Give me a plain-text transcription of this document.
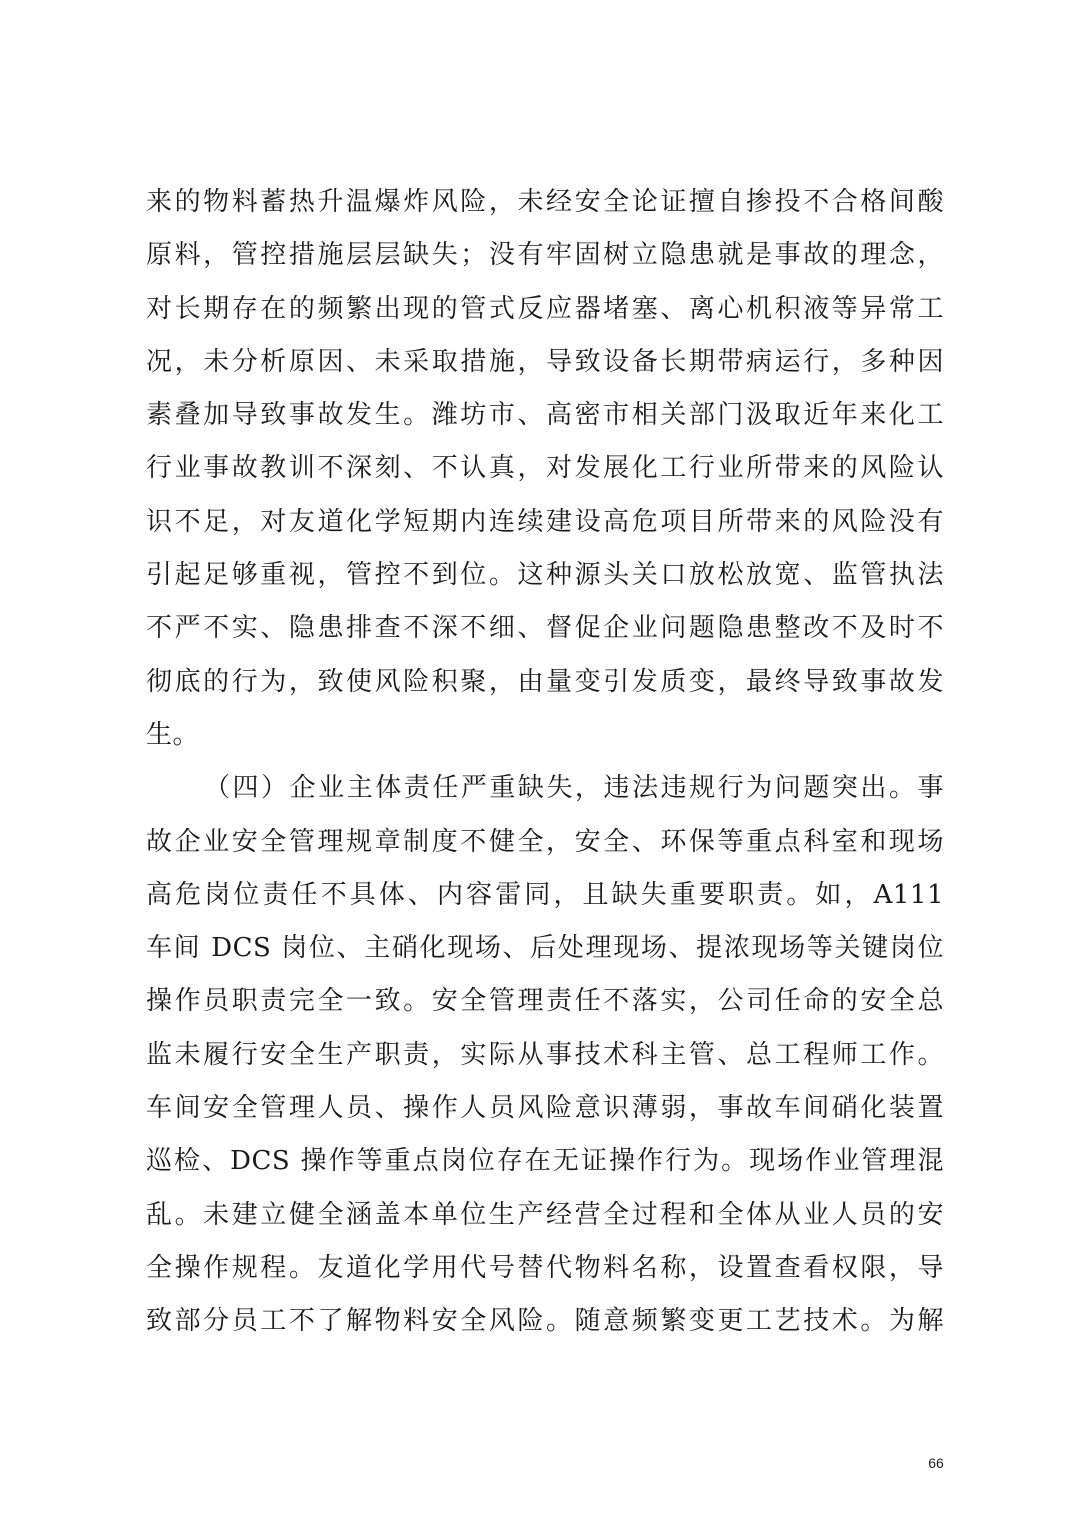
来的物料蓄热升温爆炸风险，未经安全论证擅自掺投不合格间酸
原料，管控措施层层缺失；没有牢固树立隐患就是事故的理念，
对长期存在的频繁出现的管式反应器堵塞、离心机积液等异常工
况，未分析原因、未采取措施，导致设备长期带病运行，多种因
素叠加导致事故发生。潍坊市、高密市相关部门汲取近年来化工
行业事故教训不深刻、不认真，对发展化工行业所带来的风险认
识不足，对友道化学短期内连续建设高危项目所带来的风险没有
引起足够重视，管控不到位。这种源头关口放松放宽、监管执法
不严不实、隐患排查不深不细、督促企业问题隐患整改不及时不
彻底的行为，致使风险积聚，由量变引发质变，最终导致事故发
生。
（四）企业主体责任严重缺失，违法违规行为问题突出。事
故企业安全管理规章制度不健全，安全、环保等重点科室和现场
高危岗位责任不具体、内容雷同，且缺失重要职责。如，A111
车间 DCS 岗位、主硝化现场、后处理现场、提浓现场等关键岗位
操作员职责完全一致。安全管理责任不落实，公司任命的安全总
监未履行安全生产职责，实际从事技术科主管、总工程师工作。
车间安全管理人员、操作人员风险意识薄弱，事故车间硝化装置
巡检、DCS 操作等重点岗位存在无证操作行为。现场作业管理混
乱。未建立健全涵盖本单位生产经营全过程和全体从业人员的安
全操作规程。友道化学用代号替代物料名称，设置查看权限，导
致部分员工不了解物料安全风险。随意频繁变更工艺技术。为解
66
